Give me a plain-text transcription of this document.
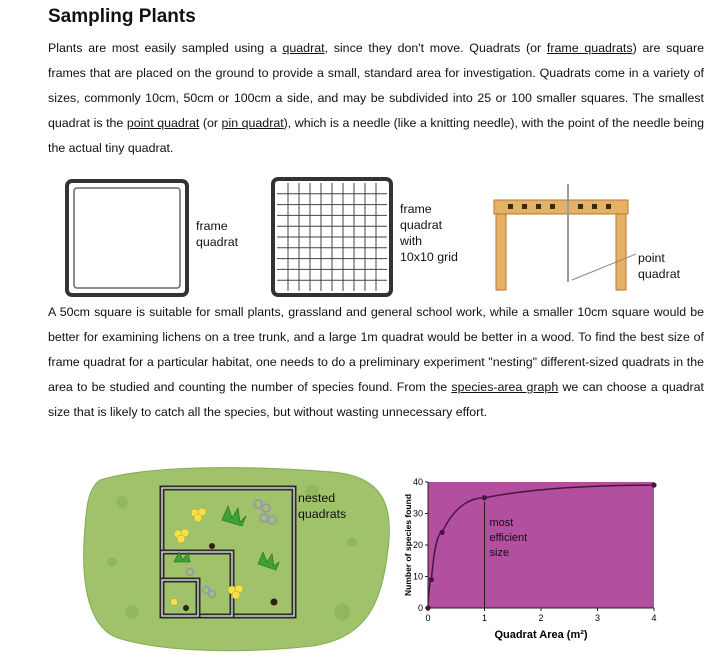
Sampling Plants

Plants are most easily sampled using a quadrat, since they don't move. Quadrats (or frame quadrats) are square frames that are placed on the ground to provide a small, standard area for investigation. Quadrats come in a variety of sizes, commonly 10cm, 50cm or 100cm a side, and may be subdivided into 25 or 100 smaller squares. The smallest quadrat is the point quadrat (or pin quadrat), which is a needle (like a knitting needle), with the point of the needle being the actual tiny quadrat.

frame
quadrat
frame
quadrat
with
10x10 grid	point
quadrat

A 50cm square is suitable for small plants, grassland and general school work, while a smaller 10cm square would be better for examining lichens on a tree trunk, and a large 1m quadrat would be better in a wood. To find the best size of frame quadrat for a particular habitat, one needs to do a preliminary experiment "nesting" different-sized quadrats in the area to be studied and counting the number of species found. From the species-area graph we can choose a quadrat size that is likely to catch all the species, but without wasting unnecessary effort.

nested
quadrats
0
10
20
30
40
0	1	2	3	4
most
efficient
size
Number of species found
Quadrat Area (m²)
